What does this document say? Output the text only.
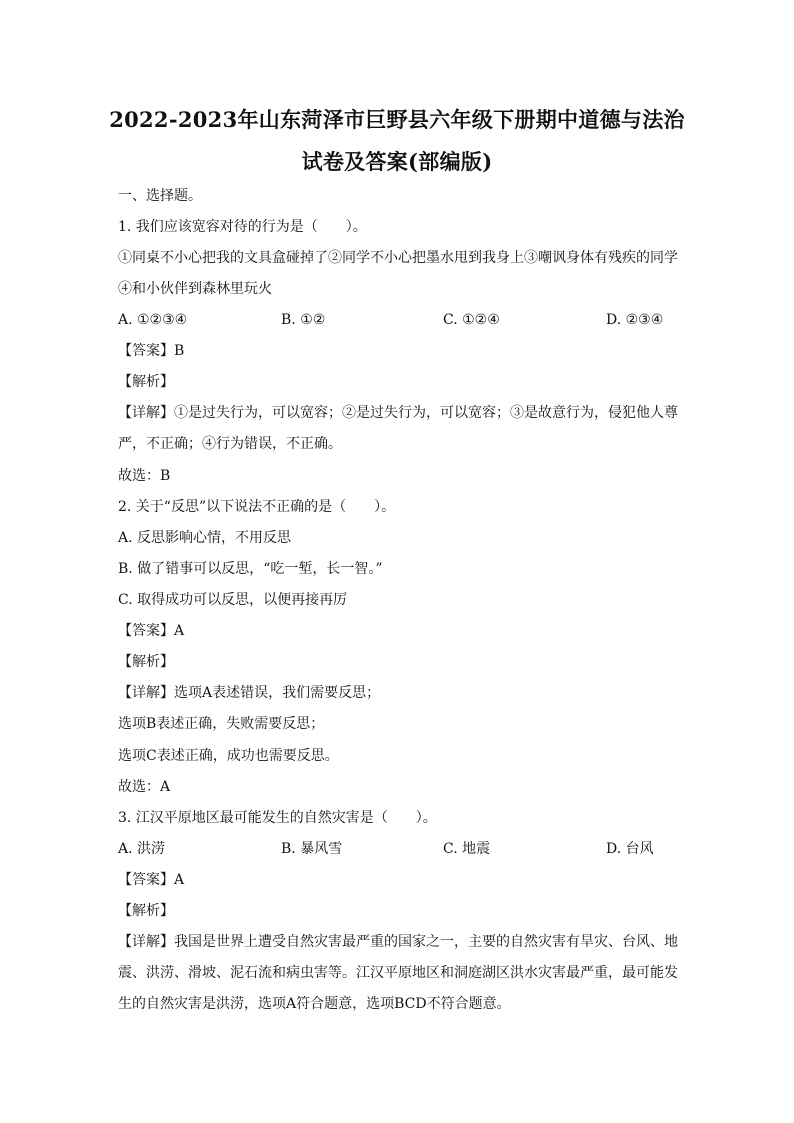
2022-2023年山东菏泽市巨野县六年级下册期中道德与法治
试卷及答案(部编版)
一、选择题。
1. 我们应该宽容对待的行为是（　　）。
①同桌不小心把我的文具盒碰掉了②同学不小心把墨水甩到我身上③嘲讽身体有残疾的同学
④和小伙伴到森林里玩火
A. ①②③④	B. ①②	C. ①②④	D. ②③④
【答案】B
【解析】
【详解】①是过失行为，可以宽容；②是过失行为，可以宽容；③是故意行为，侵犯他人尊
严，不正确；④行为错误，不正确。
故选：B
2. 关于“反思”以下说法不正确的是（　　）。
A. 反思影响心情，不用反思
B. 做了错事可以反思，“吃一堑，长一智。”
C. 取得成功可以反思，以便再接再厉
【答案】A
【解析】
【详解】选项A表述错误，我们需要反思；
选项B表述正确，失败需要反思；
选项C表述正确，成功也需要反思。
故选：A
3. 江汉平原地区最可能发生的自然灾害是（　　）。
A. 洪涝	B. 暴风雪	C. 地震	D. 台风
【答案】A
【解析】
【详解】我国是世界上遭受自然灾害最严重的国家之一，主要的自然灾害有旱灾、台风、地
震、洪涝、滑坡、泥石流和病虫害等。江汉平原地区和洞庭湖区洪水灾害最严重，最可能发
生的自然灾害是洪涝，选项A符合题意，选项BCD不符合题意。
